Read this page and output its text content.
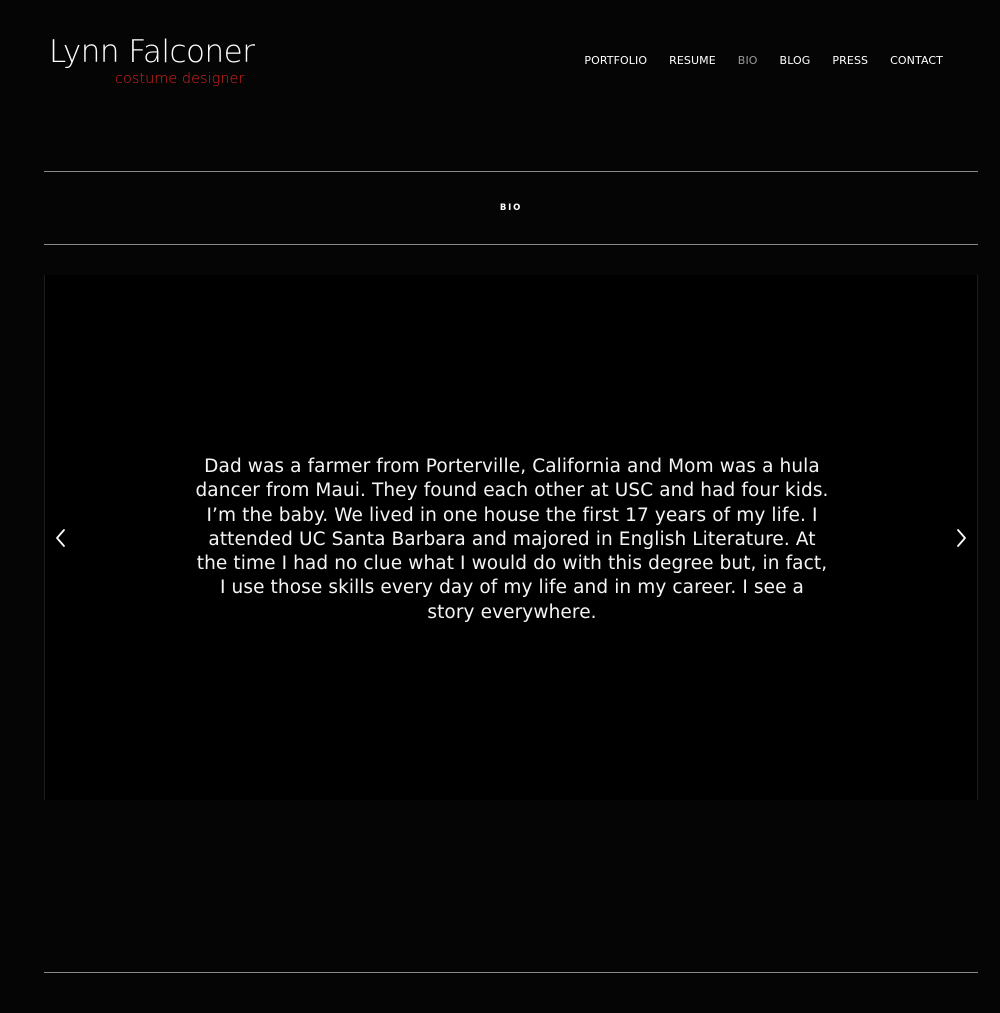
Lynn Falconer
costume designer
PORTFOLIO RESUME BIO BLOG PRESS CONTACT
BIO

Dad was a farmer from Porterville, California and Mom was a hula dancer from Maui. They found each other at USC and had four kids. I’m the baby. We lived in one house the first 17 years of my life. I attended UC Santa Barbara and majored in English Literature. At the time I had no clue what I would do with this degree but, in fact, I use those skills every day of my life and in my career. I see a story everywhere.
